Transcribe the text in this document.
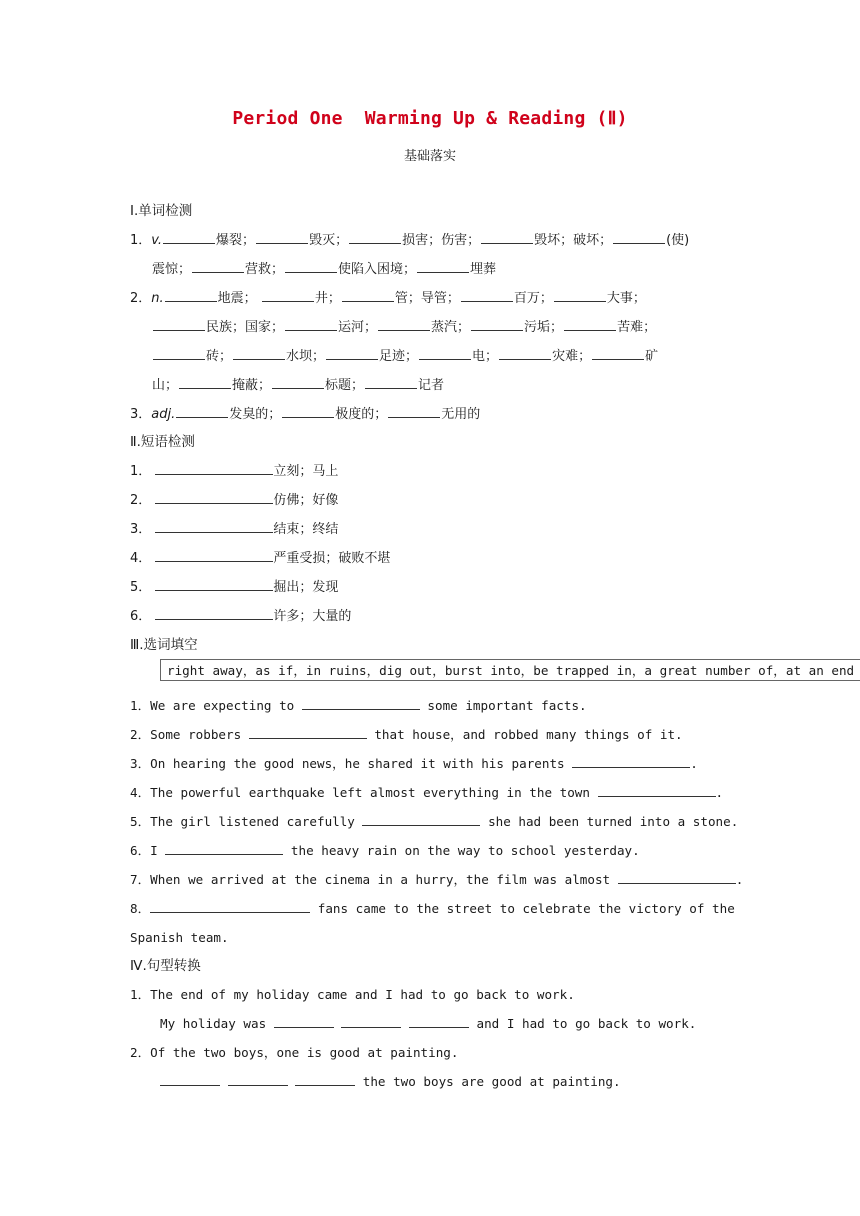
Period One  Warming Up & Reading (Ⅱ)
基础落实
Ⅰ.单词检测
1．v.	爆裂；	毁灭；	损害；伤害；	毁坏；破坏；	(使)
震惊；	营救；	使陷入困境；	埋葬
2．n.	地震；	井；	管；导管；	百万；	大事；
民族；国家；	运河；	蒸汽；	污垢；	苦难；
砖；	水坝；	足迹；	电；	灾难；	矿
山；	掩蔽；	标题；	记者
3．adj.	发臭的；	极度的；	无用的
Ⅱ.短语检测
1．	立刻；马上
2．	仿佛；好像
3．	结束；终结
4．	严重受损；破败不堪
5．	掘出；发现
6．	许多；大量的
Ⅲ.选词填空
right away，as if，in ruins，dig out，burst into，be trapped in，a great number of，at an end
1．We are expecting to	some important facts.
2．Some robbers	that house，and robbed many things of it.
3．On hearing the good news，he shared it with his parents	.
4．The powerful earthquake left almost everything in the town	.
5．The girl listened carefully	she had been turned into a stone.
6．I	the heavy rain on the way to school yesterday.
7．When we arrived at the cinema in a hurry，the film was almost	.
8．	fans came to the street to celebrate the victory of the
Spanish team.
Ⅳ.句型转换
1．The end of my holiday came and I had to go back to work.
My holiday was	and I had to go back to work.
2．Of the two boys，one is good at painting.
the two boys are good at painting.
